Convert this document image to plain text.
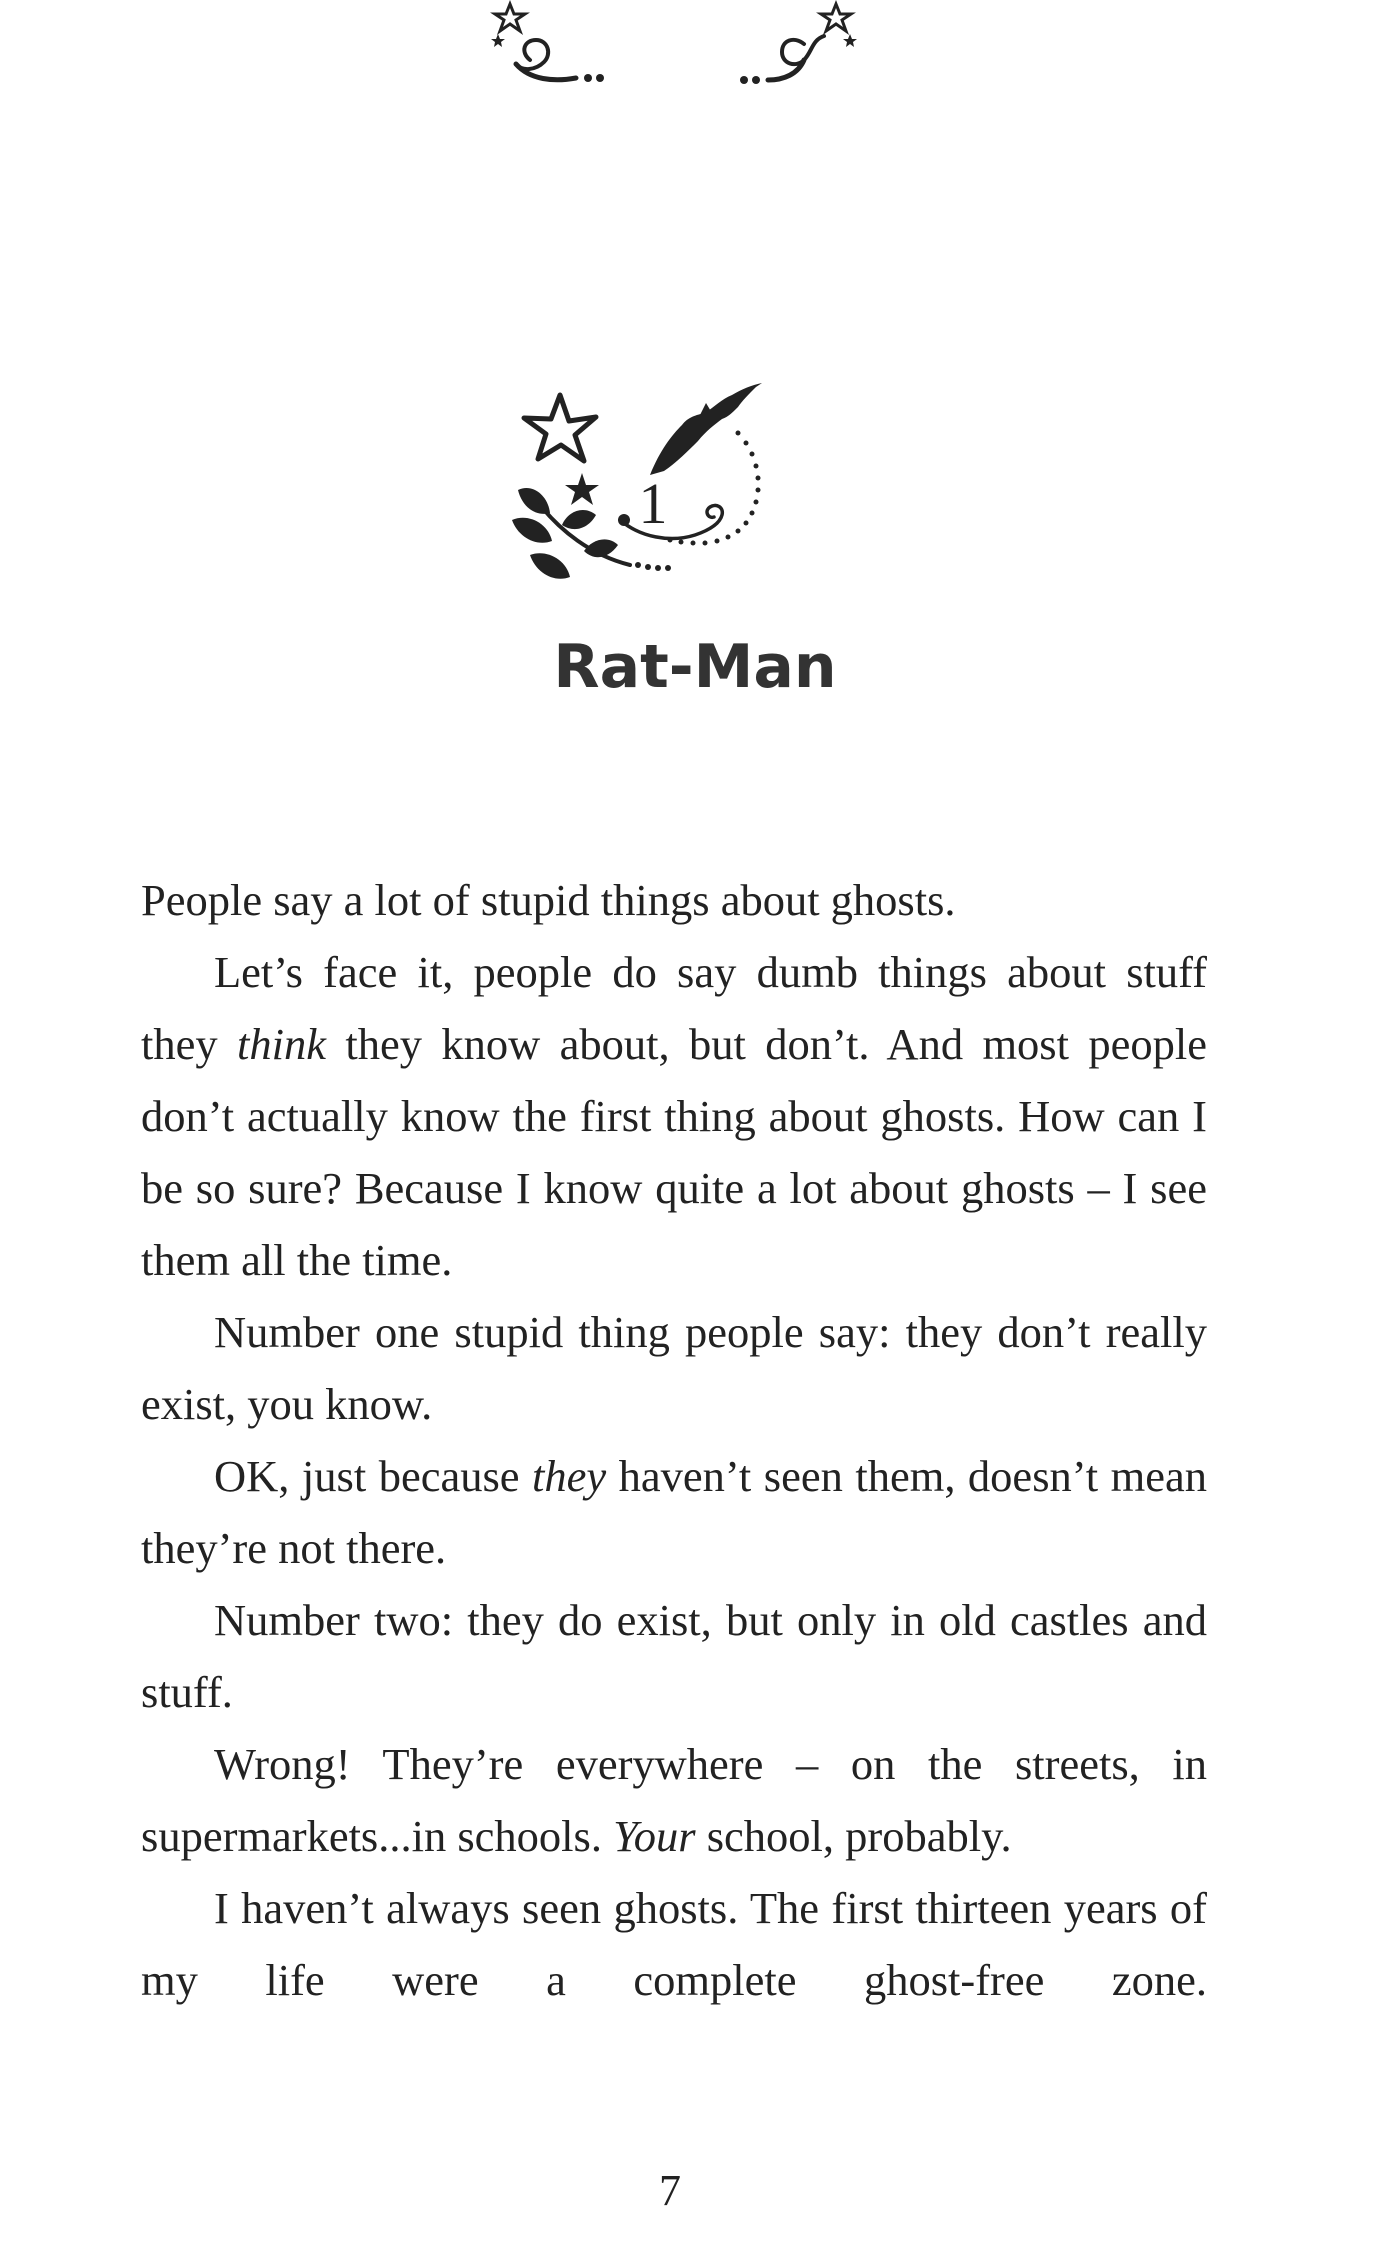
1
Rat-Man

People say a lot of stupid things about ghosts.

Let’s face it, people do say dumb things about stuff they think they know about, but don’t. And most people don’t actually know the first thing about ghosts. How can I be so sure? Because I know quite a lot about ghosts – I see them all the time.

Number one stupid thing people say: they don’t really exist, you know.

OK, just because they haven’t seen them, doesn’t mean they’re not there.

Number two: they do exist, but only in old castles and stuff.

Wrong! They’re everywhere – on the streets, in supermarkets...in schools. Your school, probably.

I haven’t always seen ghosts. The first thirteen years of my life were a complete ghost-free zone.

7
